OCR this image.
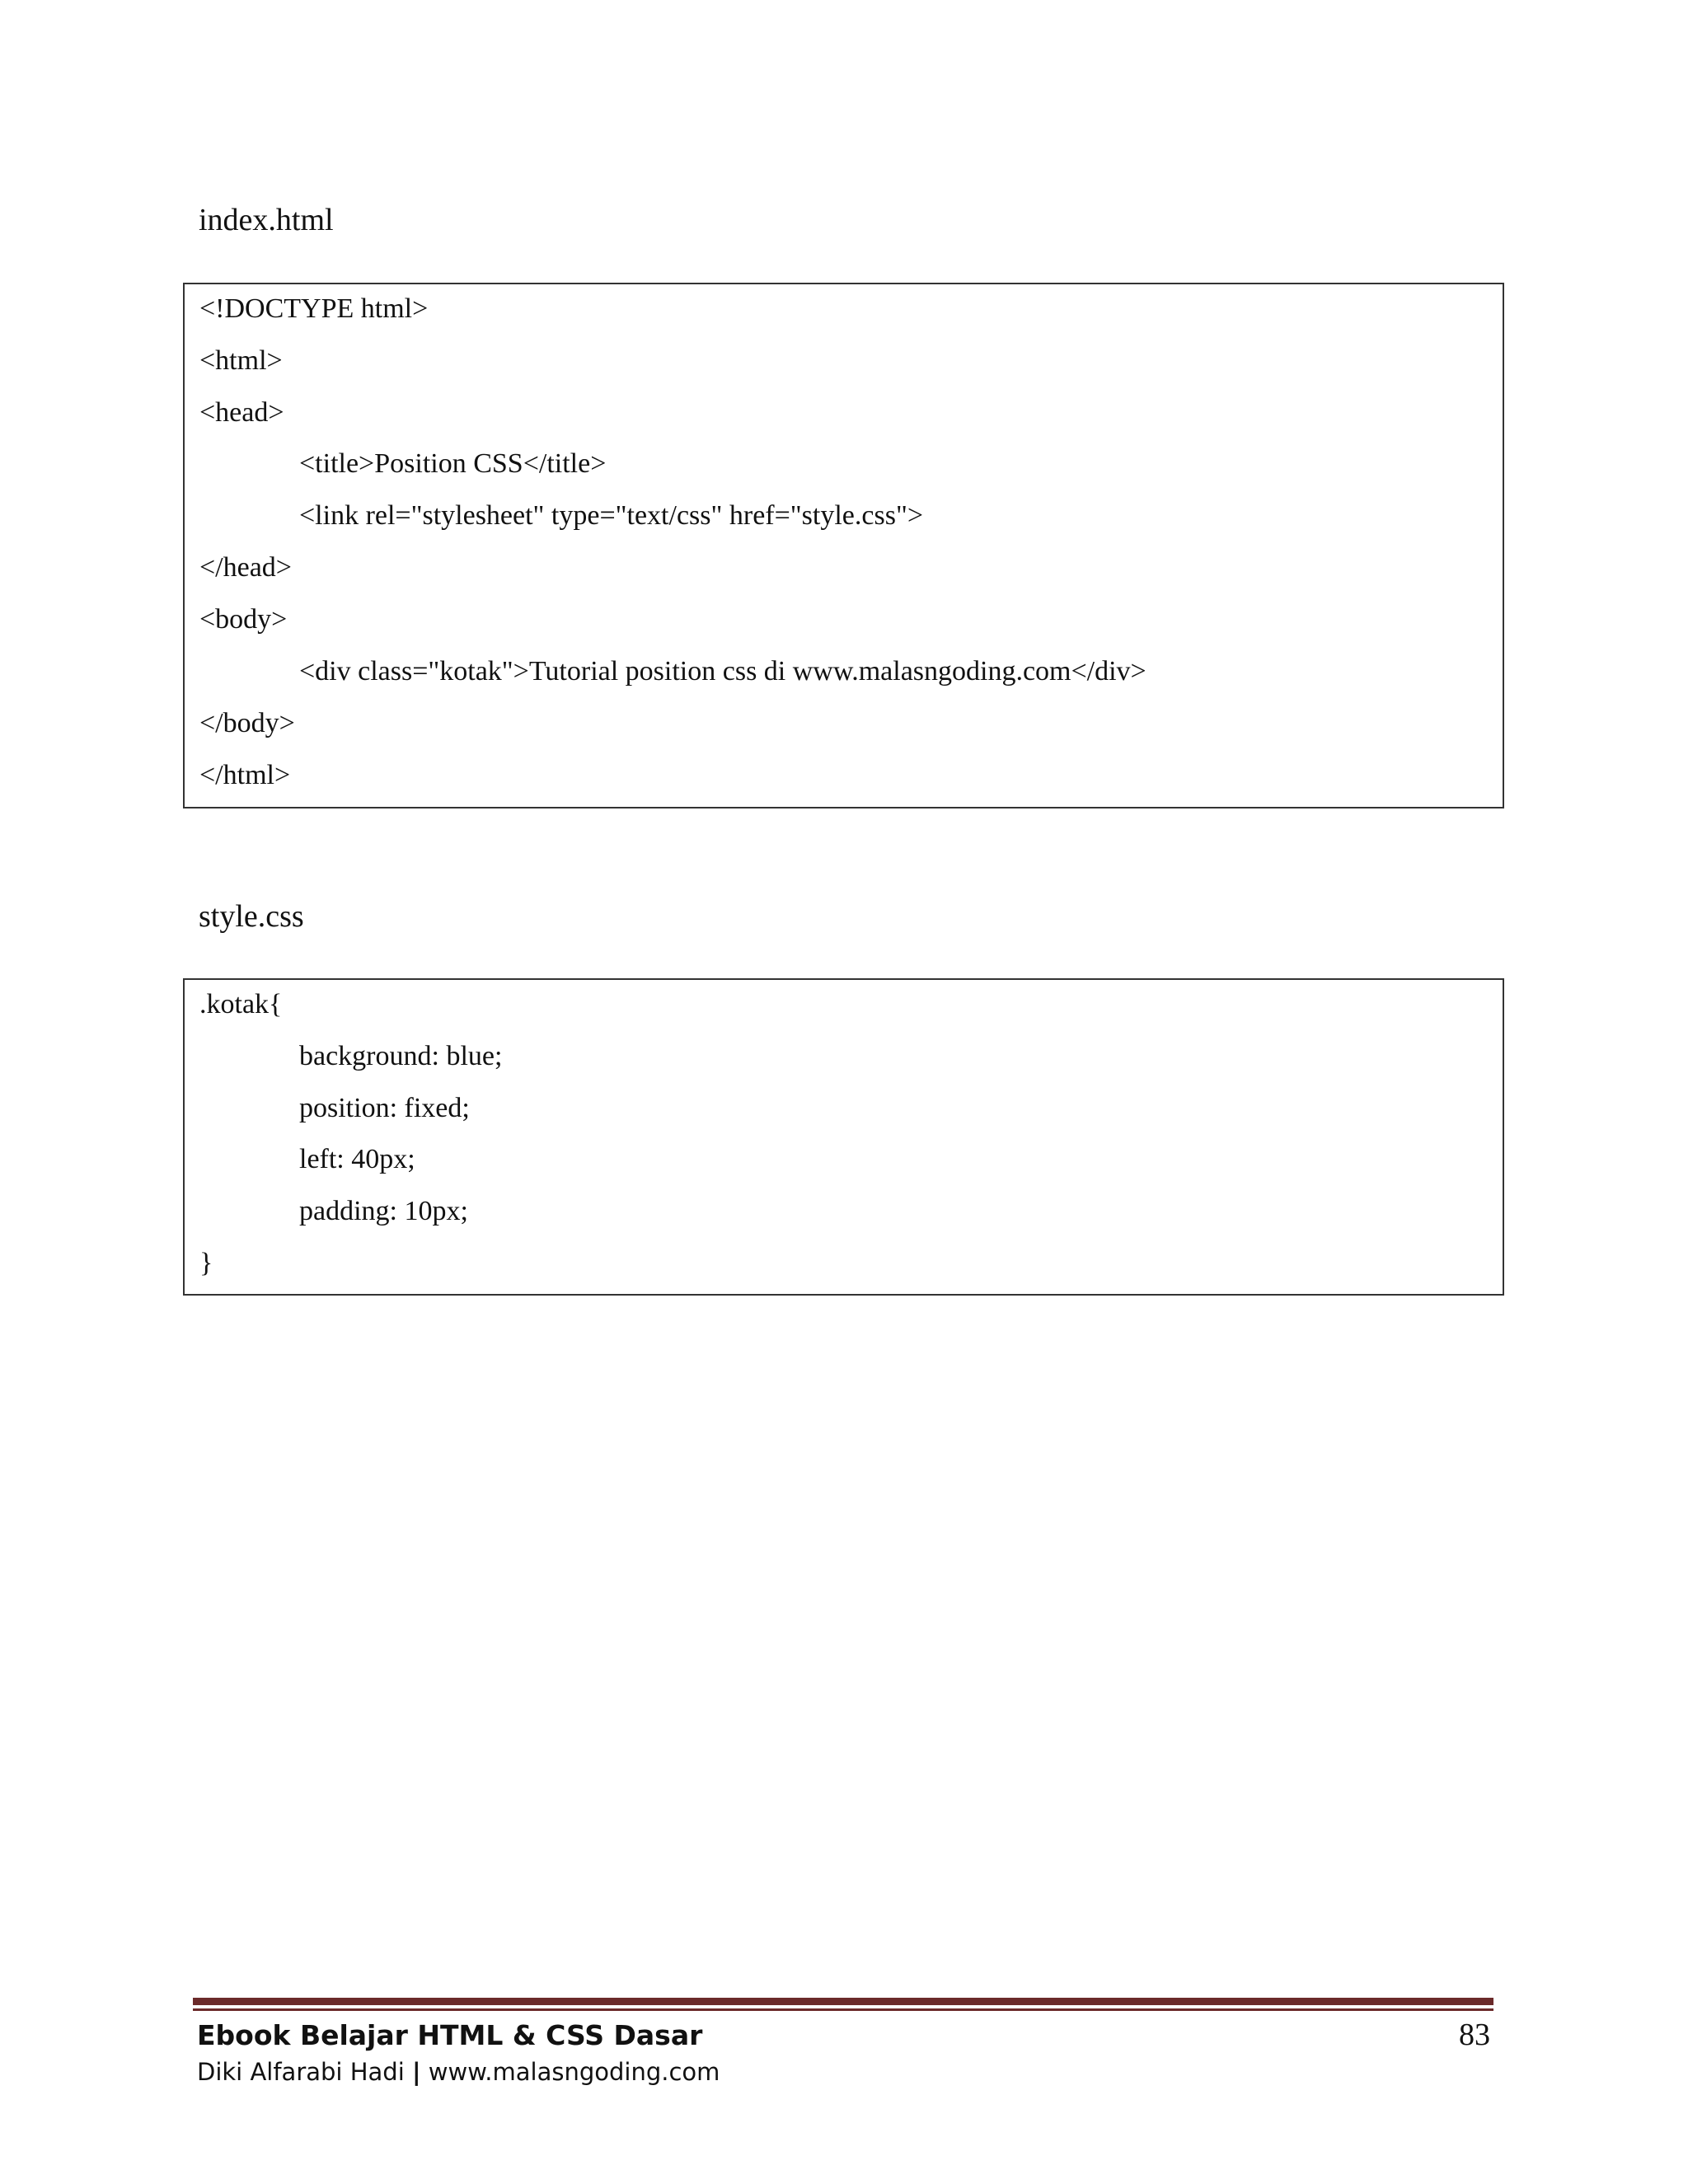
index.html
<!DOCTYPE html>
<html>
<head>
<title>Position CSS</title>
<link rel="stylesheet" type="text/css" href="style.css">
</head>
<body>
<div class="kotak">Tutorial position css di www.malasngoding.com</div>
</body>
</html>
style.css
.kotak{
background: blue;
position: fixed;
left: 40px;
padding: 10px;
}
Ebook Belajar HTML & CSS Dasar
Diki Alfarabi Hadi | www.malasngoding.com
83
